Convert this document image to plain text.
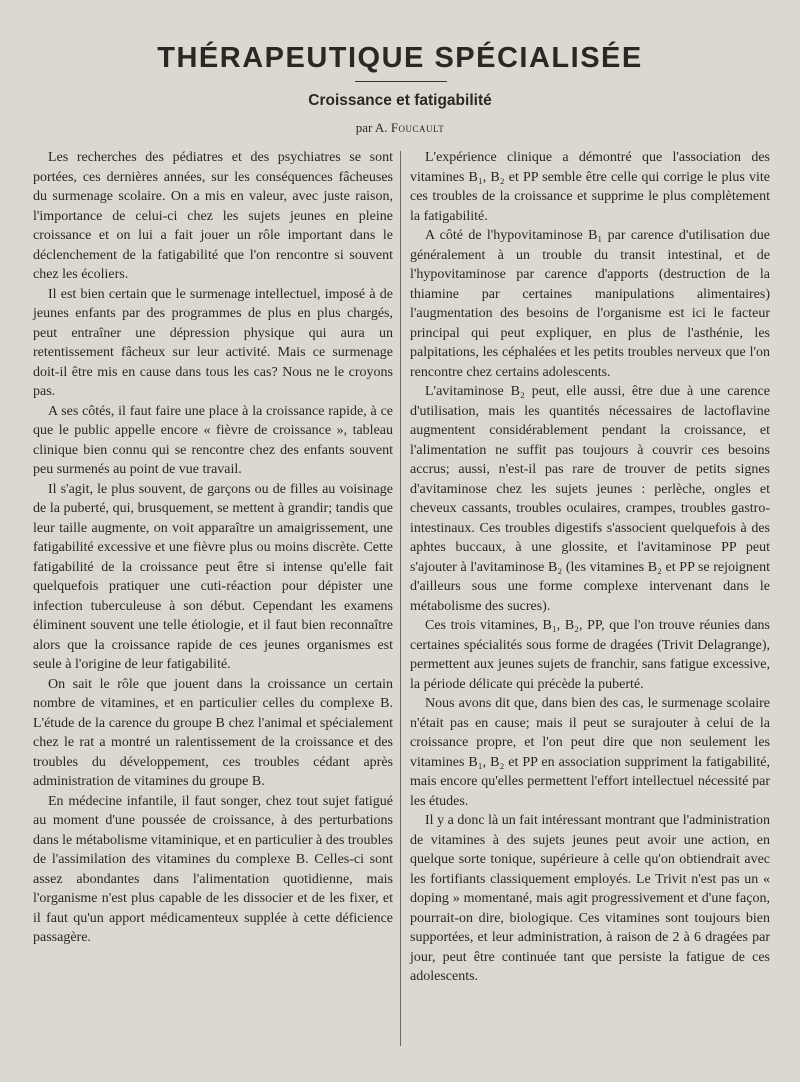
THÉRAPEUTIQUE SPÉCIALISÉE
Croissance et fatigabilité
par A. Foucault

Les recherches des pédiatres et des psychiatres se sont portées, ces dernières années, sur les conséquences fâcheuses du surmenage scolaire. On a mis en valeur, avec juste raison, l'importance de celui-ci chez les sujets jeunes en pleine croissance et on lui a fait jouer un rôle important dans le déclenchement de la fatigabilité que l'on rencontre si souvent chez les écoliers.

Il est bien certain que le surmenage intellectuel, imposé à de jeunes enfants par des programmes de plus en plus chargés, peut entraîner une dépression physique qui aura un retentissement fâcheux sur leur activité. Mais ce surmenage doit-il être mis en cause dans tous les cas? Nous ne le croyons pas.

A ses côtés, il faut faire une place à la croissance rapide, à ce que le public appelle encore « fièvre de croissance », tableau clinique bien connu qui se rencontre chez des enfants souvent peu surmenés au point de vue travail.

Il s'agit, le plus souvent, de garçons ou de filles au voisinage de la puberté, qui, brusquement, se mettent à grandir; tandis que leur taille augmente, on voit apparaître un amaigrissement, une fatigabilité excessive et une fièvre plus ou moins discrète. Cette fatigabilité de la croissance peut être si intense qu'elle fait quelquefois pratiquer une cuti-réaction pour dépister une infection tuberculeuse à son début. Cependant les examens éliminent souvent une telle étiologie, et il faut bien reconnaître alors que la croissance rapide de ces jeunes organismes est seule à l'origine de leur fatigabilité.

On sait le rôle que jouent dans la croissance un certain nombre de vitamines, et en particulier celles du complexe B. L'étude de la carence du groupe B chez l'animal et spécialement chez le rat a montré un ralentissement de la croissance et des troubles du développement, ces troubles cédant après administration de vitamines du groupe B.

En médecine infantile, il faut songer, chez tout sujet fatigué au moment d'une poussée de croissance, à des perturbations dans le métabolisme vitaminique, et en particulier à des troubles de l'assimilation des vitamines du complexe B. Celles-ci sont assez abondantes dans l'alimentation quotidienne, mais l'organisme n'est plus capable de les dissocier et de les fixer, et il faut qu'un apport médicamenteux supplée à cette déficience passagère.

L'expérience clinique a démontré que l'association des vitamines B₁, B₂ et PP semble être celle qui corrige le plus vite ces troubles de la croissance et supprime le plus complètement la fatigabilité.

A côté de l'hypovitaminose B₁ par carence d'utilisation due généralement à un trouble du transit intestinal, et de l'hypovitaminose par carence d'apports (destruction de la thiamine par certaines manipulations alimentaires) l'augmentation des besoins de l'organisme est ici le facteur principal qui peut expliquer, en plus de l'asthénie, les palpitations, les céphalées et les petits troubles nerveux que l'on rencontre chez certains adolescents.

L'avitaminose B₂ peut, elle aussi, être due à une carence d'utilisation, mais les quantités nécessaires de lactoflavine augmentent considérablement pendant la croissance, et l'alimentation ne suffit pas toujours à couvrir ces besoins accrus; aussi, n'est-il pas rare de trouver de petits signes d'avitaminose chez les sujets jeunes : perlèche, ongles et cheveux cassants, troubles oculaires, crampes, troubles gastro-intestinaux. Ces troubles digestifs s'associent quelquefois à des aphtes buccaux, à une glossite, et l'avitaminose PP peut s'ajouter à l'avitaminose B₂ (les vitamines B₂ et PP se rejoignent d'ailleurs sous une forme complexe intervenant dans le métabolisme des sucres).

Ces trois vitamines, B₁, B₂, PP, que l'on trouve réunies dans certaines spécialités sous forme de dragées (Trivit Delagrange), permettent aux jeunes sujets de franchir, sans fatigue excessive, la période délicate qui précède la puberté.

Nous avons dit que, dans bien des cas, le surmenage scolaire n'était pas en cause; mais il peut se surajouter à celui de la croissance propre, et l'on peut dire que non seulement les vitamines B₁, B₂ et PP en association suppriment la fatigabilité, mais encore qu'elles permettent l'effort intellectuel nécessité par les études.

Il y a donc là un fait intéressant montrant que l'administration de vitamines à des sujets jeunes peut avoir une action, en quelque sorte tonique, supérieure à celle qu'on obtiendrait avec les fortifiants classiquement employés. Le Trivit n'est pas un « doping » momentané, mais agit progressivement et d'une façon, pourrait-on dire, biologique. Ces vitamines sont toujours bien supportées, et leur administration, à raison de 2 à 6 dragées par jour, peut être continuée tant que persiste la fatigue de ces adolescents.
